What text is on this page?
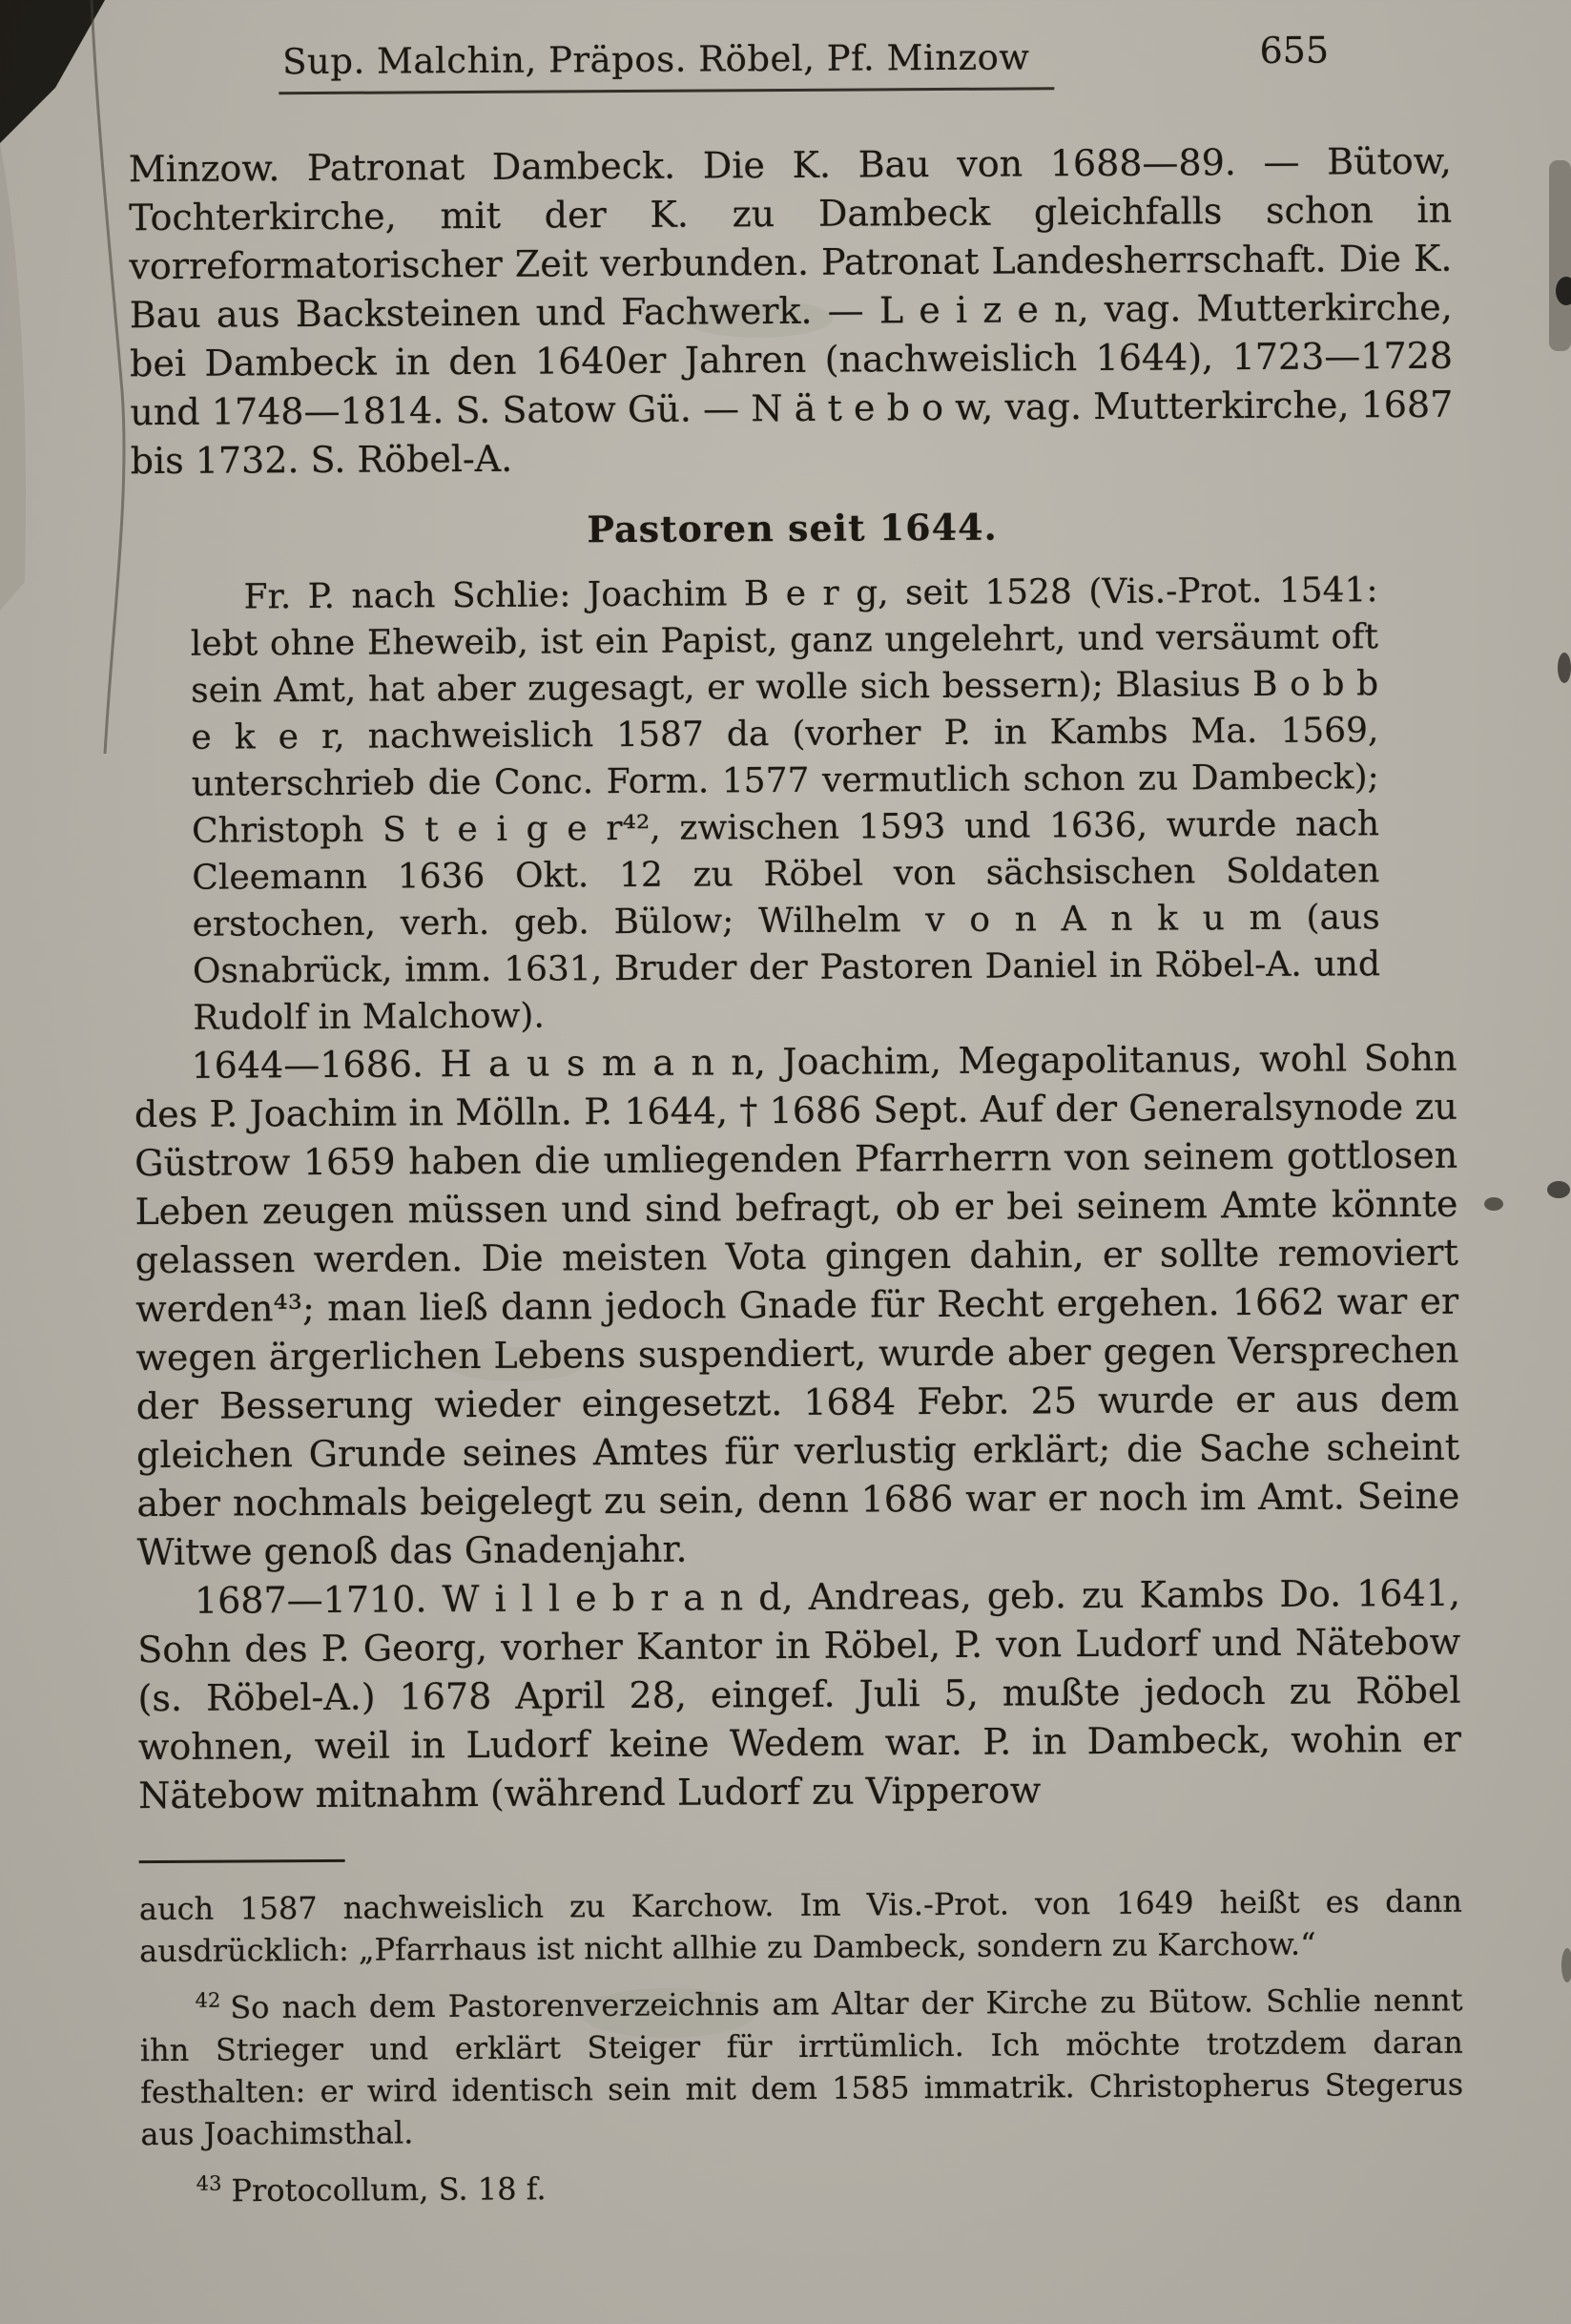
Sup. Malchin, Präpos. Röbel, Pf. Minzow	655

Minzow. Patronat Dambeck. Die K. Bau von 1688—89. — Bütow, Tochterkirche, mit der K. zu Dambeck gleichfalls schon in vorreformatorischer Zeit verbunden. Patronat Landesherrschaft. Die K. Bau aus Backsteinen und Fachwerk. — L e i z e n, vag. Mutterkirche, bei Dambeck in den 1640er Jahren (nachweislich 1644), 1723—1728 und 1748—1814. S. Satow Gü. — N ä t e b o w, vag. Mutterkirche, 1687 bis 1732. S. Röbel-A.

Pastoren seit 1644.

Fr. P. nach Schlie: Joachim B e r g, seit 1528 (Vis.-Prot. 1541: lebt ohne Eheweib, ist ein Papist, ganz ungelehrt, und versäumt oft sein Amt, hat aber zugesagt, er wolle sich bessern); Blasius B o b b e k e r, nachweislich 1587 da (vorher P. in Kambs Ma. 1569, unterschrieb die Conc. Form. 1577 vermutlich schon zu Dambeck); Christoph S t e i g e r⁴², zwischen 1593 und 1636, wurde nach Cleemann 1636 Okt. 12 zu Röbel von sächsischen Soldaten erstochen, verh. geb. Bülow; Wilhelm v o n A n k u m (aus Osnabrück, imm. 1631, Bruder der Pastoren Daniel in Röbel-A. und Rudolf in Malchow).

1644—1686. H a u s m a n n, Joachim, Megapolitanus, wohl Sohn des P. Joachim in Mölln. P. 1644, † 1686 Sept. Auf der Generalsynode zu Güstrow 1659 haben die umliegenden Pfarrherrn von seinem gottlosen Leben zeugen müssen und sind befragt, ob er bei seinem Amte könnte gelassen werden. Die meisten Vota gingen dahin, er sollte removiert werden⁴³; man ließ dann jedoch Gnade für Recht ergehen. 1662 war er wegen ärgerlichen Lebens suspendiert, wurde aber gegen Versprechen der Besserung wieder eingesetzt. 1684 Febr. 25 wurde er aus dem gleichen Grunde seines Amtes für verlustig erklärt; die Sache scheint aber nochmals beigelegt zu sein, denn 1686 war er noch im Amt. Seine Witwe genoß das Gnadenjahr.

1687—1710. W i l l e b r a n d, Andreas, geb. zu Kambs Do. 1641, Sohn des P. Georg, vorher Kantor in Röbel, P. von Ludorf und Nätebow (s. Röbel-A.) 1678 April 28, eingef. Juli 5, mußte jedoch zu Röbel wohnen, weil in Ludorf keine Wedem war. P. in Dambeck, wohin er Nätebow mitnahm (während Ludorf zu Vipperow

auch 1587 nachweislich zu Karchow. Im Vis.-Prot. von 1649 heißt es dann ausdrücklich: „Pfarrhaus ist nicht allhie zu Dambeck, sondern zu Karchow.“

$^{42}$ So nach dem Pastorenverzeichnis am Altar der Kirche zu Bütow. Schlie nennt ihn Strieger und erklärt Steiger für irrtümlich. Ich möchte trotzdem daran festhalten: er wird identisch sein mit dem 1585 immatrik. Christopherus Stegerus aus Joachimsthal.

$^{43}$ Protocollum, S. 18 f.
